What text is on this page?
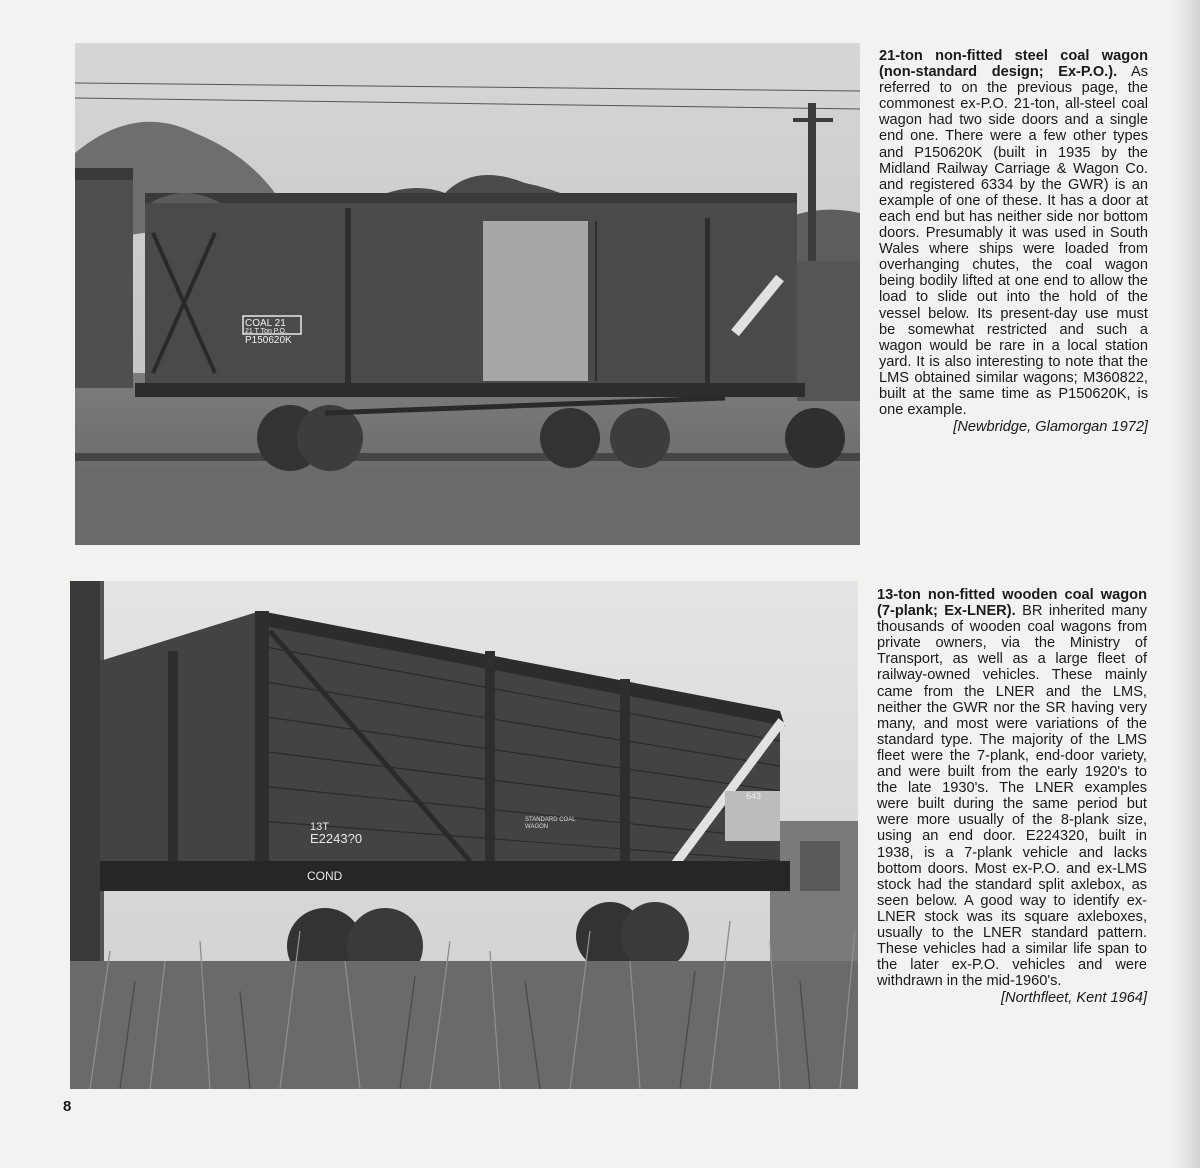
COAL 21
21 T Ton P.O.
P150620K
13T
E2243?0
COND
STANDARD COAL WAGON
643
21-ton non-fitted steel coal wagon (non-standard design; Ex-P.O.). As referred to on the previous page, the commonest ex-P.O. 21-ton, all-steel coal wagon had two side doors and a single end one. There were a few other types and P150620K (built in 1935 by the Midland Railway Carriage & Wagon Co. and registered 6334 by the GWR) is an example of one of these. It has a door at each end but has neither side nor bottom doors. Presumably it was used in South Wales where ships were loaded from overhanging chutes, the coal wagon being bodily lifted at one end to allow the load to slide out into the hold of the vessel below. Its present-day use must be somewhat restricted and such a wagon would be rare in a local station yard. It is also interesting to note that the LMS obtained similar wagons; M360822, built at the same time as P150620K, is one example.
[Newbridge, Glamorgan 1972]
13-ton non-fitted wooden coal wagon (7-plank; Ex-LNER). BR inherited many thousands of wooden coal wagons from private owners, via the Ministry of Transport, as well as a large fleet of railway-owned vehicles. These mainly came from the LNER and the LMS, neither the GWR nor the SR having very many, and most were variations of the standard type. The majority of the LMS fleet were the 7-plank, end-door variety, and were built from the early 1920's to the late 1930's. The LNER examples were built during the same period but were more usually of the 8-plank size, using an end door. E224320, built in 1938, is a 7-plank vehicle and lacks bottom doors. Most ex-P.O. and ex-LMS stock had the standard split axlebox, as seen below. A good way to identify ex-LNER stock was its square axleboxes, usually to the LNER standard pattern. These vehicles had a similar life span to the later ex-P.O. vehicles and were withdrawn in the mid-1960's.
[Northfleet, Kent 1964]
8
